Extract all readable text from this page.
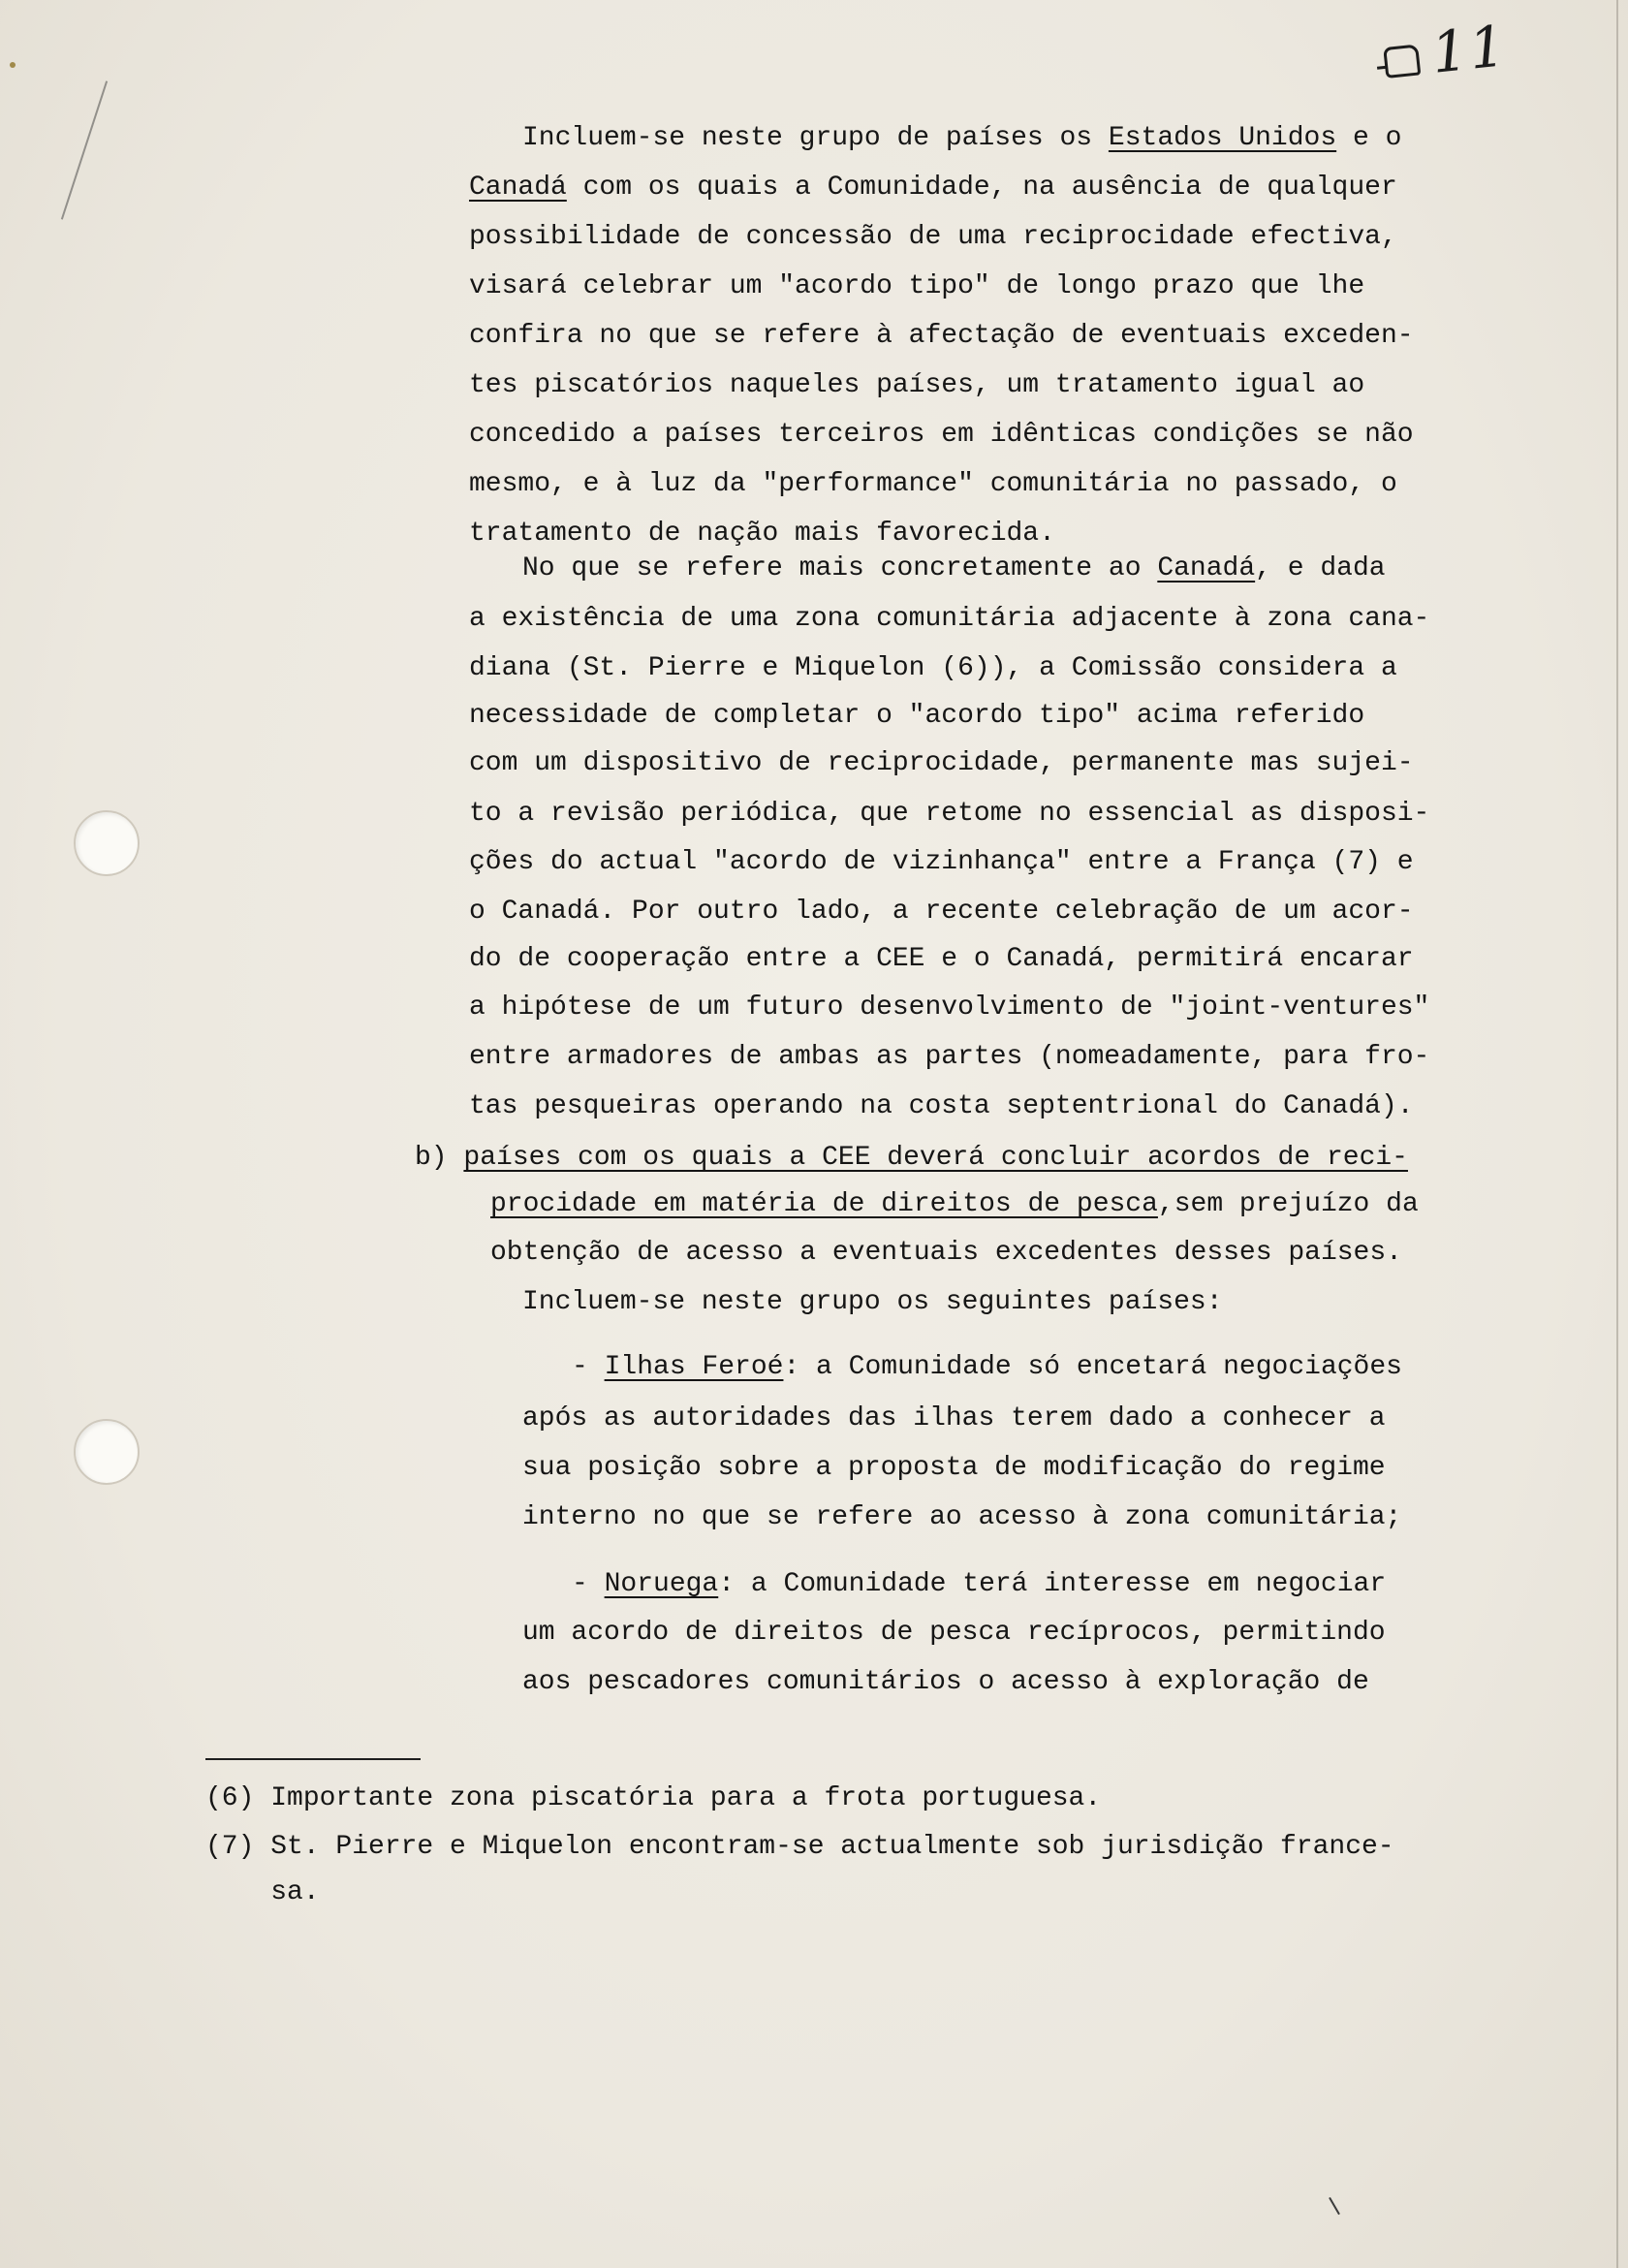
- 11
Incluem-se neste grupo de países os Estados Unidos e o
Canadá com os quais a Comunidade, na ausência de qualquer
possibilidade de concessão de uma reciprocidade efectiva,
visará celebrar um "acordo tipo" de longo prazo que lhe
confira no que se refere à afectação de eventuais exceden-
tes piscatórios naqueles países, um tratamento igual ao
concedido a países terceiros em idênticas condições se não
mesmo, e à luz da "performance" comunitária no passado, o
tratamento de nação mais favorecida.
No que se refere mais concretamente ao Canadá, e dada
a existência de uma zona comunitária adjacente à zona cana-
diana (St. Pierre e Miquelon (6)), a Comissão considera a
necessidade de completar o "acordo tipo" acima referido
com um dispositivo de reciprocidade, permanente mas sujei-
to a revisão periódica, que retome no essencial as disposi-
ções do actual "acordo de vizinhança" entre a França (7) e
o Canadá. Por outro lado, a recente celebração de um acor-
do de cooperação entre a CEE e o Canadá, permitirá encarar
a hipótese de um futuro desenvolvimento de "joint-ventures"
entre armadores de ambas as partes (nomeadamente, para fro-
tas pesqueiras operando na costa septentrional do Canadá).
b) países com os quais a CEE deverá concluir acordos de reci-
procidade em matéria de direitos de pesca,sem prejuízo da
obtenção de acesso a eventuais excedentes desses países.
Incluem-se neste grupo os seguintes países:
- Ilhas Feroé: a Comunidade só encetará negociações
após as autoridades das ilhas terem dado a conhecer a
sua posição sobre a proposta de modificação do regime
interno no que se refere ao acesso à zona comunitária;
- Noruega: a Comunidade terá interesse em negociar
um acordo de direitos de pesca recíprocos, permitindo
aos pescadores comunitários o acesso à exploração de
(6) Importante zona piscatória para a frota portuguesa.
(7) St. Pierre e Miquelon encontram-se actualmente sob jurisdição france-
sa.
